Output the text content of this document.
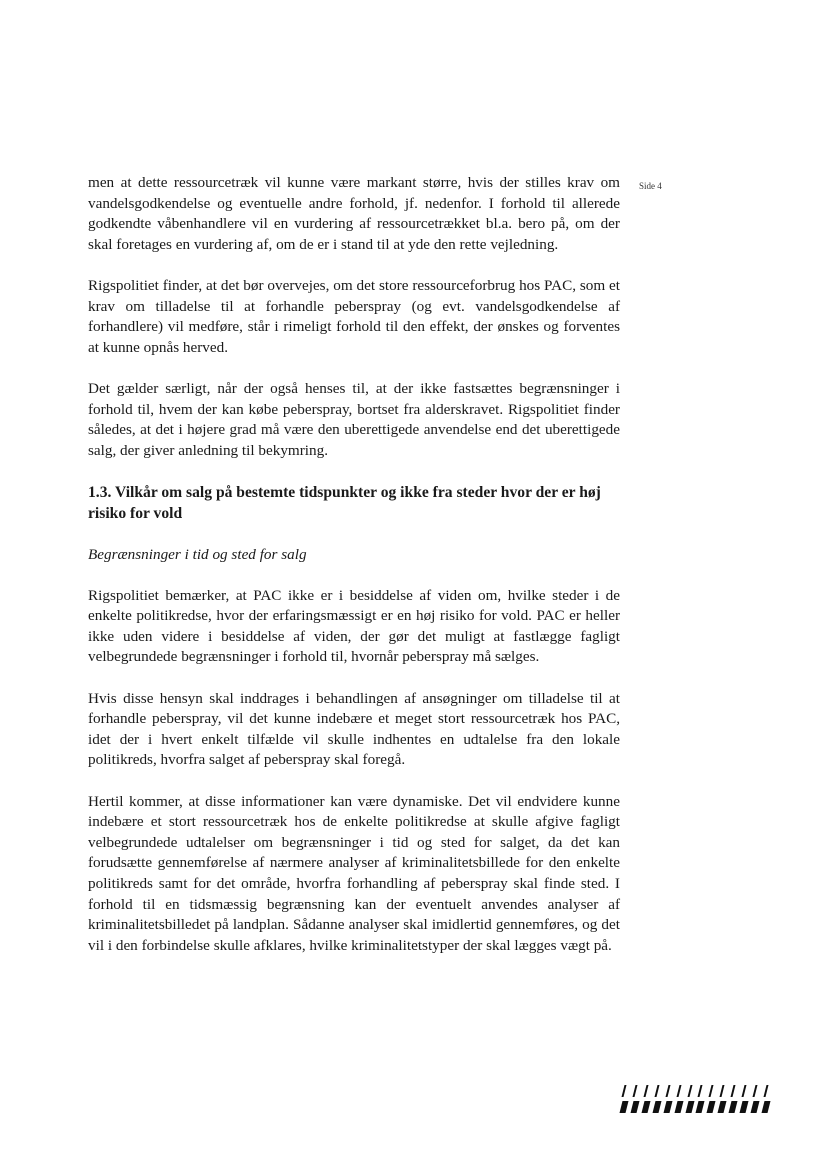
Side 4

men at dette ressourcetræk vil kunne være markant større, hvis der stilles krav om vandelsgodkendelse og eventuelle andre forhold, jf. nedenfor. I forhold til allerede godkendte våbenhandlere vil en vurdering af ressourcetrækket bl.a. bero på, om der skal foretages en vurdering af, om de er i stand til at yde den rette vejledning.

Rigspolitiet finder, at det bør overvejes, om det store ressourceforbrug hos PAC, som et krav om tilladelse til at forhandle peberspray (og evt. vandelsgodkendelse af forhandlere) vil medføre, står i rimeligt forhold til den effekt, der ønskes og forventes at kunne opnås herved.

Det gælder særligt, når der også henses til, at der ikke fastsættes begrænsninger i forhold til, hvem der kan købe peberspray, bortset fra alderskravet. Rigspolitiet finder således, at det i højere grad må være den uberettigede anvendelse end det uberettigede salg, der giver anledning til bekymring.

1.3. Vilkår om salg på bestemte tidspunkter og ikke fra steder hvor der er høj risiko for vold

Begrænsninger i tid og sted for salg

Rigspolitiet bemærker, at PAC ikke er i besiddelse af viden om, hvilke steder i de enkelte politikredse, hvor der erfaringsmæssigt er en høj risiko for vold. PAC er heller ikke uden videre i besiddelse af viden, der gør det muligt at fastlægge fagligt velbegrundede begrænsninger i forhold til, hvornår peberspray må sælges.

Hvis disse hensyn skal inddrages i behandlingen af ansøgninger om tilladelse til at forhandle peberspray, vil det kunne indebære et meget stort ressourcetræk hos PAC, idet der i hvert enkelt tilfælde vil skulle indhentes en udtalelse fra den lokale politikreds, hvorfra salget af peberspray skal foregå.

Hertil kommer, at disse informationer kan være dynamiske. Det vil endvidere kunne indebære et stort ressourcetræk hos de enkelte politikredse at skulle afgive fagligt velbegrundede udtalelser om begrænsninger i tid og sted for salget, da det kan forudsætte gennemførelse af nærmere analyser af kriminalitetsbillede for den enkelte politikreds samt for det område, hvorfra forhandling af peberspray skal finde sted. I forhold til en tidsmæssig begrænsning kan der eventuelt anvendes analyser af kriminalitetsbilledet på landplan. Sådanne analyser skal imidlertid gennemføres, og det vil i den forbindelse skulle afklares, hvilke kriminalitetstyper der skal lægges vægt på.
